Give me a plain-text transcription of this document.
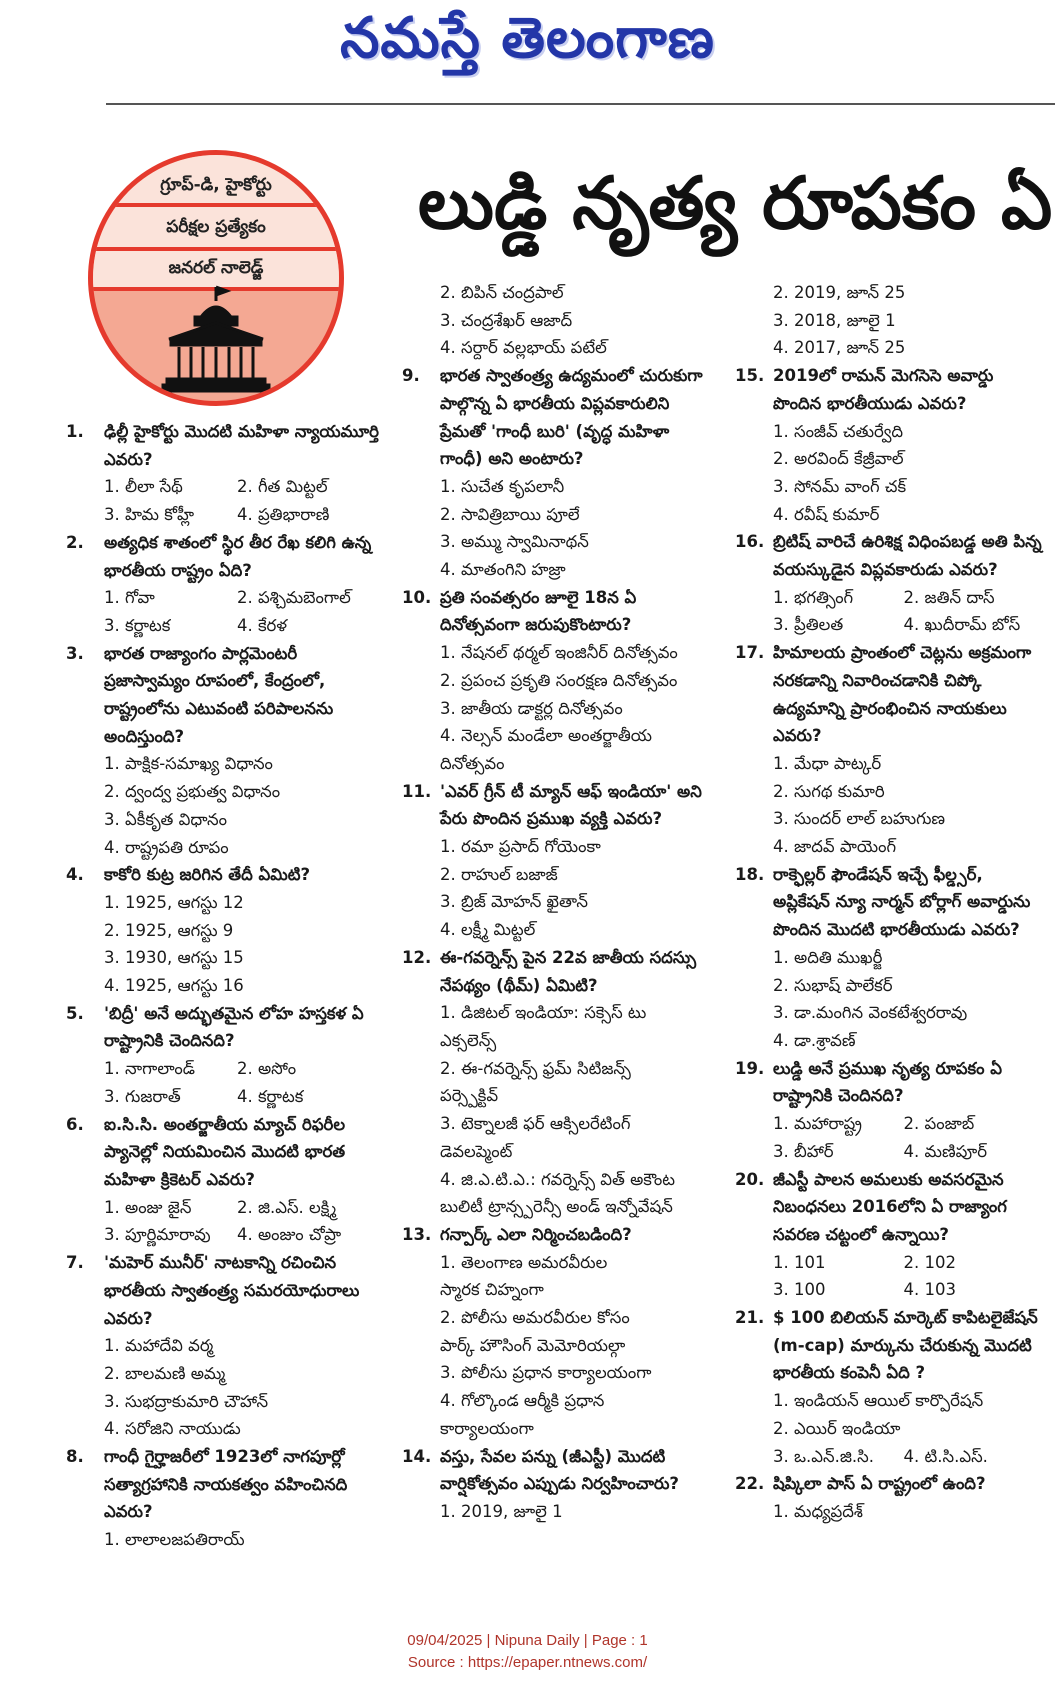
నమస్తే తెలంగాణ
గ్రూప్-డి, హైకోర్టు
పరీక్షల ప్రత్యేకం
జనరల్ నాలెడ్జ్
లుడ్డి నృత్య రూపకం ఏ
1.	ఢిల్లీ హైకోర్టు మొదటి మహిళా న్యాయమూర్తి ఎవరు?
1. లీలా సేథ్	2. గీత మిట్టల్
3. హిమ కోహ్లీ	4. ప్రతిభారాణి
2.	అత్యధిక శాతంలో స్థిర తీర రేఖ కలిగి ఉన్న భారతీయ రాష్ట్రం ఏది?
1. గోవా	2. పశ్చిమబెంగాల్
3. కర్ణాటక	4. కేరళ
3.	భారత రాజ్యాంగం పార్లమెంటరీ ప్రజాస్వామ్యం రూపంలో, కేంద్రంలో, రాష్ట్రంలోను ఎటువంటి పరిపాలనను అందిస్తుంది?
1. పాక్షిక-సమాఖ్య విధానం
2. ద్వంద్వ ప్రభుత్వ విధానం
3. ఏకీకృత విధానం
4. రాష్ట్రపతి రూపం
4.	కాకోరి కుట్ర జరిగిన తేదీ ఏమిటి?
1. 1925, ఆగస్టు 12
2. 1925, ఆగస్టు 9
3. 1930, ఆగస్టు 15
4. 1925, ఆగస్టు 16
5.	'బిద్రీ' అనే అద్భుతమైన లోహ హస్తకళ ఏ రాష్ట్రానికి చెందినది?
1. నాగాలాండ్	2. అసోం
3. గుజరాత్	4. కర్ణాటక
6.	ఐ.సి.సి. అంతర్జాతీయ మ్యాచ్ రిఫరీల ప్యానెల్లో నియమించిన మొదటి భారత మహిళా క్రికెటర్ ఎవరు?
1. అంజు జైన్	2. జి.ఎస్. లక్ష్మి
3. పూర్ణిమారావు	4. అంజుం చోప్రా
7.	'మహెర్ మునీర్' నాటకాన్ని రచించిన భారతీయ స్వాతంత్ర్య సమరయోధురాలు ఎవరు?
1. మహాదేవి వర్మ
2. బాలమణి అమ్మ
3. సుభద్రాకుమారి చౌహాన్
4. సరోజిని నాయుడు
8.	గాంధీ గైర్హాజరీలో 1923లో నాగపూర్లో సత్యాగ్రహానికి నాయకత్వం వహించినది ఎవరు?
1. లాలాలజపతిరాయ్
2. బిపిన్ చంద్రపాల్
3. చంద్రశేఖర్ ఆజాద్
4. సర్దార్ వల్లభాయ్ పటేల్
9.	భారత స్వాతంత్ర్య ఉద్యమంలో చురుకుగా పాల్గొన్న ఏ భారతీయ విప్లవకారులిని ప్రేమతో 'గాంధీ బురి' (వృద్ధ మహిళా గాంధీ) అని అంటారు?
1. సుచేత కృపలానీ
2. సావిత్రిబాయి పూలే
3. అమ్ము స్వామినాథన్
4. మాతంగిని హజ్రా
10. ప్రతి సంవత్సరం జూలై 18న ఏ దినోత్సవంగా జరుపుకొంటారు?
1. నేషనల్ థర్మల్ ఇంజినీర్ దినోత్సవం
2. ప్రపంచ ప్రకృతి సంరక్షణ దినోత్సవం
3. జాతీయ డాక్టర్ల దినోత్సవం
4. నెల్సన్ మండేలా అంతర్జాతీయ
దినోత్సవం
11. 'ఎవర్ గ్రీన్ టీ మ్యాన్ ఆఫ్ ఇండియా' అని పేరు పొందిన ప్రముఖ వ్యక్తి ఎవరు?
1. రమా ప్రసాద్ గోయెంకా
2. రాహుల్ బజాజ్
3. బ్రిజ్ మోహన్ ఖైతాన్
4. లక్ష్మీ మిట్టల్
12. ఈ-గవర్నెన్స్ పైన 22వ జాతీయ సదస్సు నేపథ్యం (థీమ్) ఏమిటి?
1. డిజిటల్ ఇండియా: సక్సెస్ టు
ఎక్సలెన్స్
2. ఈ-గవర్నెన్స్ ఫ్రమ్ సిటిజన్స్
పర్స్పెక్టివ్
3. టెక్నాలజీ ఫర్ ఆక్సిలరేటింగ్
డెవలప్మెంట్
4. జి.ఎ.టి.ఎ.: గవర్నెన్స్ విత్ అకౌంట
బులిటీ ట్రాన్స్పరెన్సీ అండ్ ఇన్నోవేషన్
13. గన్పార్క్ ఎలా నిర్మించబడింది?
1. తెలంగాణ అమరవీరుల
స్మారక చిహ్నంగా
2. పోలీసు అమరవీరుల కోసం
పార్క్ హౌసింగ్ మెమోరియల్గా
3. పోలీసు ప్రధాన కార్యాలయంగా
4. గోల్కొండ ఆర్మీకి ప్రధాన
కార్యాలయంగా
14. వస్తు, సేవల పన్ను (జీఎస్టీ) మొదటి వార్షికోత్సవం ఎప్పుడు నిర్వహించారు?
1. 2019, జూలై 1
2. 2019, జూన్ 25
3. 2018, జూలై 1
4. 2017, జూన్ 25
15. 2019లో రామన్ మెగసెసె అవార్డు పొందిన భారతీయుడు ఎవరు?
1. సంజీవ్ చతుర్వేది
2. అరవింద్ కేజ్రీవాల్
3. సోనమ్ వాంగ్ చక్
4. రవీష్ కుమార్
16. బ్రిటిష్ వారిచే ఉరిశిక్ష విధింపబడ్డ అతి పిన్న వయస్కుడైన విప్లవకారుడు ఎవరు?
1. భగత్సింగ్	2. జతిన్ దాస్
3. ప్రీతిలత	4. ఖుదీరామ్ బోస్
17. హిమాలయ ప్రాంతంలో చెట్లను అక్రమంగా నరకడాన్ని నివారించడానికి చిప్కో ఉద్యమాన్ని ప్రారంభించిన నాయకులు ఎవరు?
1. మేధా పాట్కర్
2. సుగథ కుమారి
3. సుందర్ లాల్ బహుగుణ
4. జాదవ్ పాయెంగ్
18. రాక్ఫెల్లర్ ఫౌండేషన్ ఇచ్చే ఫీల్డ్సర్, అప్లికేషన్ న్యూ నార్మన్ బోర్లాగ్ అవార్డును పొందిన మొదటి భారతీయుడు ఎవరు?
1. అదితి ముఖర్జీ
2. సుభాష్ పాలేకర్
3. డా.మంగిన వెంకటేశ్వరరావు
4. డా.శ్రావణ్
19. లుడ్డి అనే ప్రముఖ నృత్య రూపకం ఏ రాష్ట్రానికి చెందినది?
1. మహారాష్ట్ర	2. పంజాబ్
3. బీహార్	4. మణిపూర్
20. జీఎస్టీ పాలన అమలుకు అవసరమైన నిబంధనలు 2016లోని ఏ రాజ్యాంగ సవరణ చట్టంలో ఉన్నాయి?
1. 101	2. 102
3. 100	4. 103
21. $ 100 బిలియన్ మార్కెట్ కాపిటలైజేషన్ (m-cap) మార్కును చేరుకున్న మొదటి భారతీయ కంపెనీ ఏది ?
1. ఇండియన్ ఆయిల్ కార్పొరేషన్
2. ఎయిర్ ఇండియా
3. ఒ.ఎన్.జి.సి.	4. టి.సి.ఎస్.
22. షిప్కిలా పాస్ ఏ రాష్ట్రంలో ఉంది?
1. మధ్యప్రదేశ్
09/04/2025 | Nipuna Daily | Page : 1
Source : https://epaper.ntnews.com/
